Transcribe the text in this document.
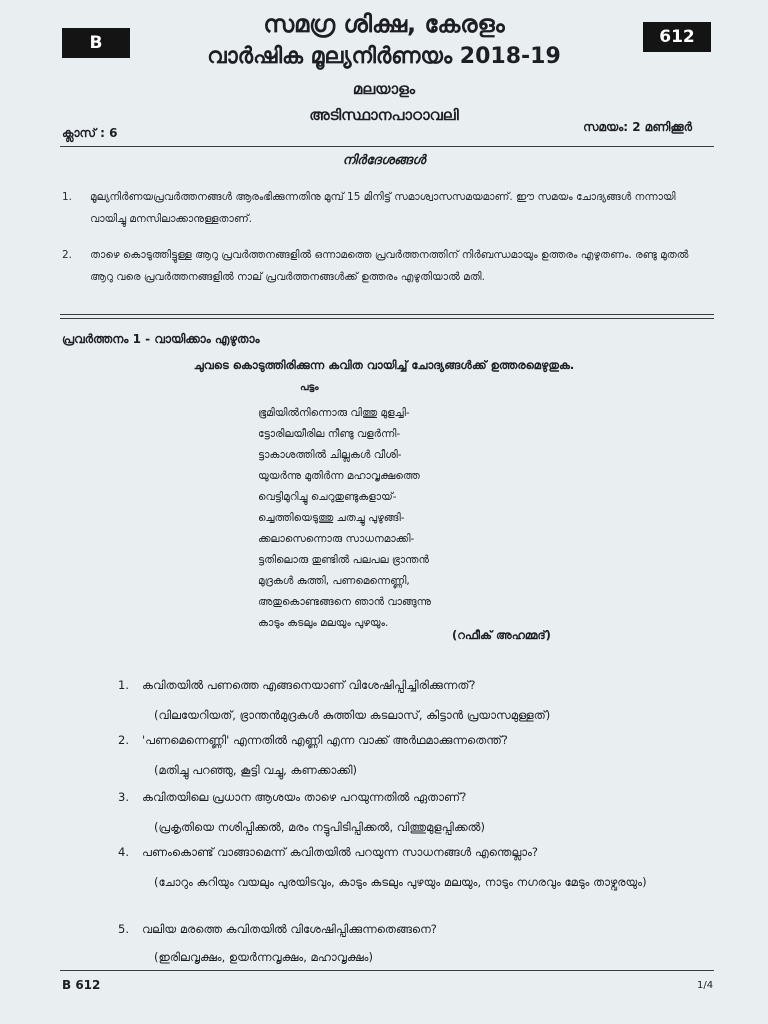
B	612
സമഗ്ര ശിക്ഷ, കേരളം
വാർഷിക മൂല്യനിർണയം 2018-19
മലയാളം
അടിസ്ഥാനപാഠാവലി
ക്ലാസ് : 6	സമയം: 2 മണിക്കൂർ
നിർദേശങ്ങൾ
1.	മൂല്യനിർണയപ്രവർത്തനങ്ങൾ ആരംഭിക്കുന്നതിനു മുമ്പ് 15 മിനിട്ട് സമാശ്വാസസമയമാണ്. ഈ സമയം ചോദ്യങ്ങൾ നന്നായി വായിച്ചു മനസിലാക്കാനുള്ളതാണ്.
2.	താഴെ കൊടുത്തിട്ടുള്ള ആറു പ്രവർത്തനങ്ങളിൽ ഒന്നാമത്തെ പ്രവർത്തനത്തിന് നിർബന്ധമായും ഉത്തരം എഴുതണം. രണ്ടു മുതൽ ആറു വരെ പ്രവർത്തനങ്ങളിൽ നാല് പ്രവർത്തനങ്ങൾക്ക് ഉത്തരം എഴുതിയാൽ മതി.
പ്രവർത്തനം 1 - വായിക്കാം എഴുതാം
ചുവടെ കൊടുത്തിരിക്കുന്ന കവിത വായിച്ച് ചോദ്യങ്ങൾക്ക് ഉത്തരമെഴുതുക.
പട്ടം
ഭൂമിയിൽനിന്നൊരു വിത്തു മുളച്ചി-
ട്ടോരിലയീരില നീണ്ടു വളർന്നി-
ട്ടാകാശത്തിൽ ചില്ലകൾ വീശി-
യുയർന്നു മുതിർന്ന മഹാവൃക്ഷത്തെ
വെട്ടിമുറിച്ചു ചെറുതുണ്ടുകളായ്-
ച്ചെത്തിയെടുത്തു ചതച്ചു പുഴുങ്ങി-
ക്കലാസെന്നൊരു സാധനമാക്കി-
ട്ടതിലൊരു തുണ്ടിൽ പലപല ഭ്രാന്തൻ
മുദ്രകൾ കുത്തി, പണമെന്നെണ്ണി,
അതുകൊണ്ടങ്ങനെ ഞാൻ വാങ്ങുന്നു
കാടും കടലും മലയും പുഴയും.
(റഫീക് അഹമ്മദ്)
1.	കവിതയിൽ പണത്തെ എങ്ങനെയാണ് വിശേഷിപ്പിച്ചിരിക്കുന്നത്?
(വിലയേറിയത്, ഭ്രാന്തൻമുദ്രകൾ കുത്തിയ കടലാസ്, കിട്ടാൻ പ്രയാസമുള്ളത്)
2.	'പണമെന്നെണ്ണി' എന്നതിൽ എണ്ണി എന്ന വാക്ക് അർഥമാക്കുന്നതെന്ത്?
(മതിച്ചു പറഞ്ഞു, കൂട്ടി വച്ചു, കണക്കാക്കി)
3.	കവിതയിലെ പ്രധാന ആശയം താഴെ പറയുന്നതിൽ ഏതാണ്?
(പ്രകൃതിയെ നശിപ്പിക്കൽ, മരം നട്ടുപിടിപ്പിക്കൽ, വിത്തുമുളപ്പിക്കൽ)
4.	പണംകൊണ്ട് വാങ്ങാമെന്ന് കവിതയിൽ പറയുന്ന സാധനങ്ങൾ എന്തെല്ലാം?
(ചോറും കറിയും വയലും പുരയിടവും, കാടും കടലും പുഴയും മലയും, നാടും നഗരവും മേടും താഴ്വരയും)
5.	വലിയ മരത്തെ കവിതയിൽ വിശേഷിപ്പിക്കുന്നതെങ്ങനെ?
(ഇരിലവൃക്ഷം, ഉയർന്നവൃക്ഷം, മഹാവൃക്ഷം)
B 612	1/4
